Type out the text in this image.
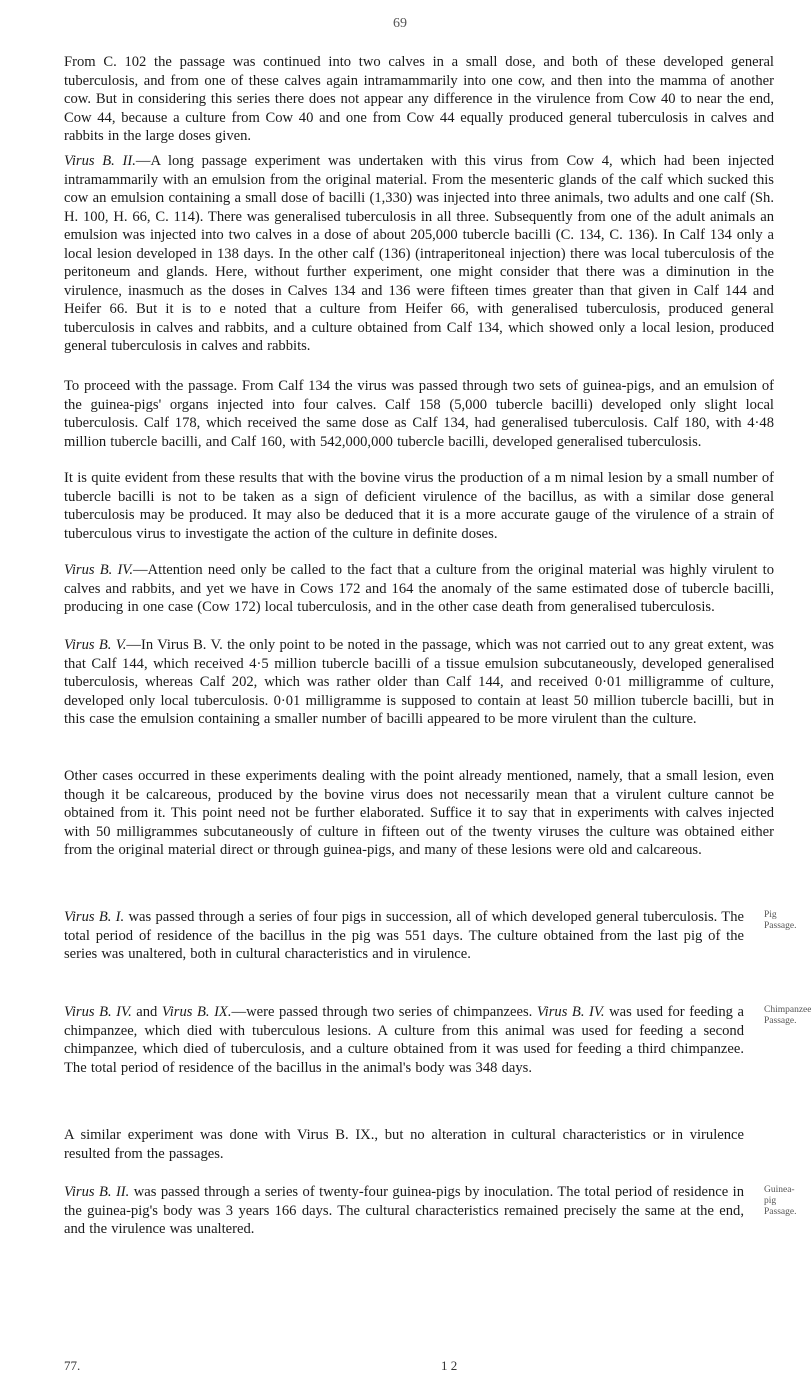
69

From C. 102 the passage was continued into two calves in a small dose, and both of these developed general tuberculosis, and from one of these calves again intramammarily into one cow, and then into the mamma of another cow. But in considering this series there does not appear any difference in the virulence from Cow 40 to near the end, Cow 44, because a culture from Cow 40 and one from Cow 44 equally produced general tuberculosis in calves and rabbits in the large doses given.

Virus B. II.—A long passage experiment was undertaken with this virus from Cow 4, which had been injected intramammarily with an emulsion from the original material. From the mesenteric glands of the calf which sucked this cow an emulsion containing a small dose of bacilli (1,330) was injected into three animals, two adults and one calf (Sh. H. 100, H. 66, C. 114). There was generalised tuberculosis in all three. Subsequently from one of the adult animals an emulsion was injected into two calves in a dose of about 205,000 tubercle bacilli (C. 134, C. 136). In Calf 134 only a local lesion developed in 138 days. In the other calf (136) (intraperitoneal injection) there was local tuberculosis of the peritoneum and glands. Here, without further experiment, one might consider that there was a diminution in the virulence, inasmuch as the doses in Calves 134 and 136 were fifteen times greater than that given in Calf 144 and Heifer 66. But it is to e noted that a culture from Heifer 66, with generalised tuberculosis, produced general tuberculosis in calves and rabbits, and a culture obtained from Calf 134, which showed only a local lesion, produced general tuberculosis in calves and rabbits.

To proceed with the passage. From Calf 134 the virus was passed through two sets of guinea-pigs, and an emulsion of the guinea-pigs' organs injected into four calves. Calf 158 (5,000 tubercle bacilli) developed only slight local tuberculosis. Calf 178, which received the same dose as Calf 134, had generalised tuberculosis. Calf 180, with 4·48 million tubercle bacilli, and Calf 160, with 542,000,000 tubercle bacilli, developed generalised tuberculosis.

It is quite evident from these results that with the bovine virus the production of a m nimal lesion by a small number of tubercle bacilli is not to be taken as a sign of deficient virulence of the bacillus, as with a similar dose general tuberculosis may be produced. It may also be deduced that it is a more accurate gauge of the virulence of a strain of tuberculous virus to investigate the action of the culture in definite doses.

Virus B. IV.—Attention need only be called to the fact that a culture from the original material was highly virulent to calves and rabbits, and yet we have in Cows 172 and 164 the anomaly of the same estimated dose of tubercle bacilli, producing in one case (Cow 172) local tuberculosis, and in the other case death from generalised tuberculosis.

Virus B. V.—In Virus B. V. the only point to be noted in the passage, which was not carried out to any great extent, was that Calf 144, which received 4·5 million tubercle bacilli of a tissue emulsion subcutaneously, developed generalised tuberculosis, whereas Calf 202, which was rather older than Calf 144, and received 0·01 milligramme of culture, developed only local tuberculosis. 0·01 milligramme is supposed to contain at least 50 million tubercle bacilli, but in this case the emulsion containing a smaller number of bacilli appeared to be more virulent than the culture.

Other cases occurred in these experiments dealing with the point already mentioned, namely, that a small lesion, even though it be calcareous, produced by the bovine virus does not necessarily mean that a virulent culture cannot be obtained from it. This point need not be further elaborated. Suffice it to say that in experiments with calves injected with 50 milligrammes subcutaneously of culture in fifteen out of the twenty viruses the culture was obtained either from the original material direct or through guinea-pigs, and many of these lesions were old and calcareous.

Virus B. I. was passed through a series of four pigs in succession, all of which developed general tuberculosis. The total period of residence of the bacillus in the pig was 551 days. The culture obtained from the last pig of the series was unaltered, both in cultural characteristics and in virulence.

Virus B. IV. and Virus B. IX.—were passed through two series of chimpanzees. Virus B. IV. was used for feeding a chimpanzee, which died with tuberculous lesions. A culture from this animal was used for feeding a second chimpanzee, which died of tuberculosis, and a culture obtained from it was used for feeding a third chimpanzee. The total period of residence of the bacillus in the animal's body was 348 days.

A similar experiment was done with Virus B. IX., but no alteration in cultural characteristics or in virulence resulted from the passages.

Virus B. II. was passed through a series of twenty-four guinea-pigs by inoculation. The total period of residence in the guinea-pig's body was 3 years 166 days. The cultural characteristics remained precisely the same at the end, and the virulence was unaltered.

Pig Passage.
Chimpanzee Passage.
Guinea-pig Passage.
77.	1 2
